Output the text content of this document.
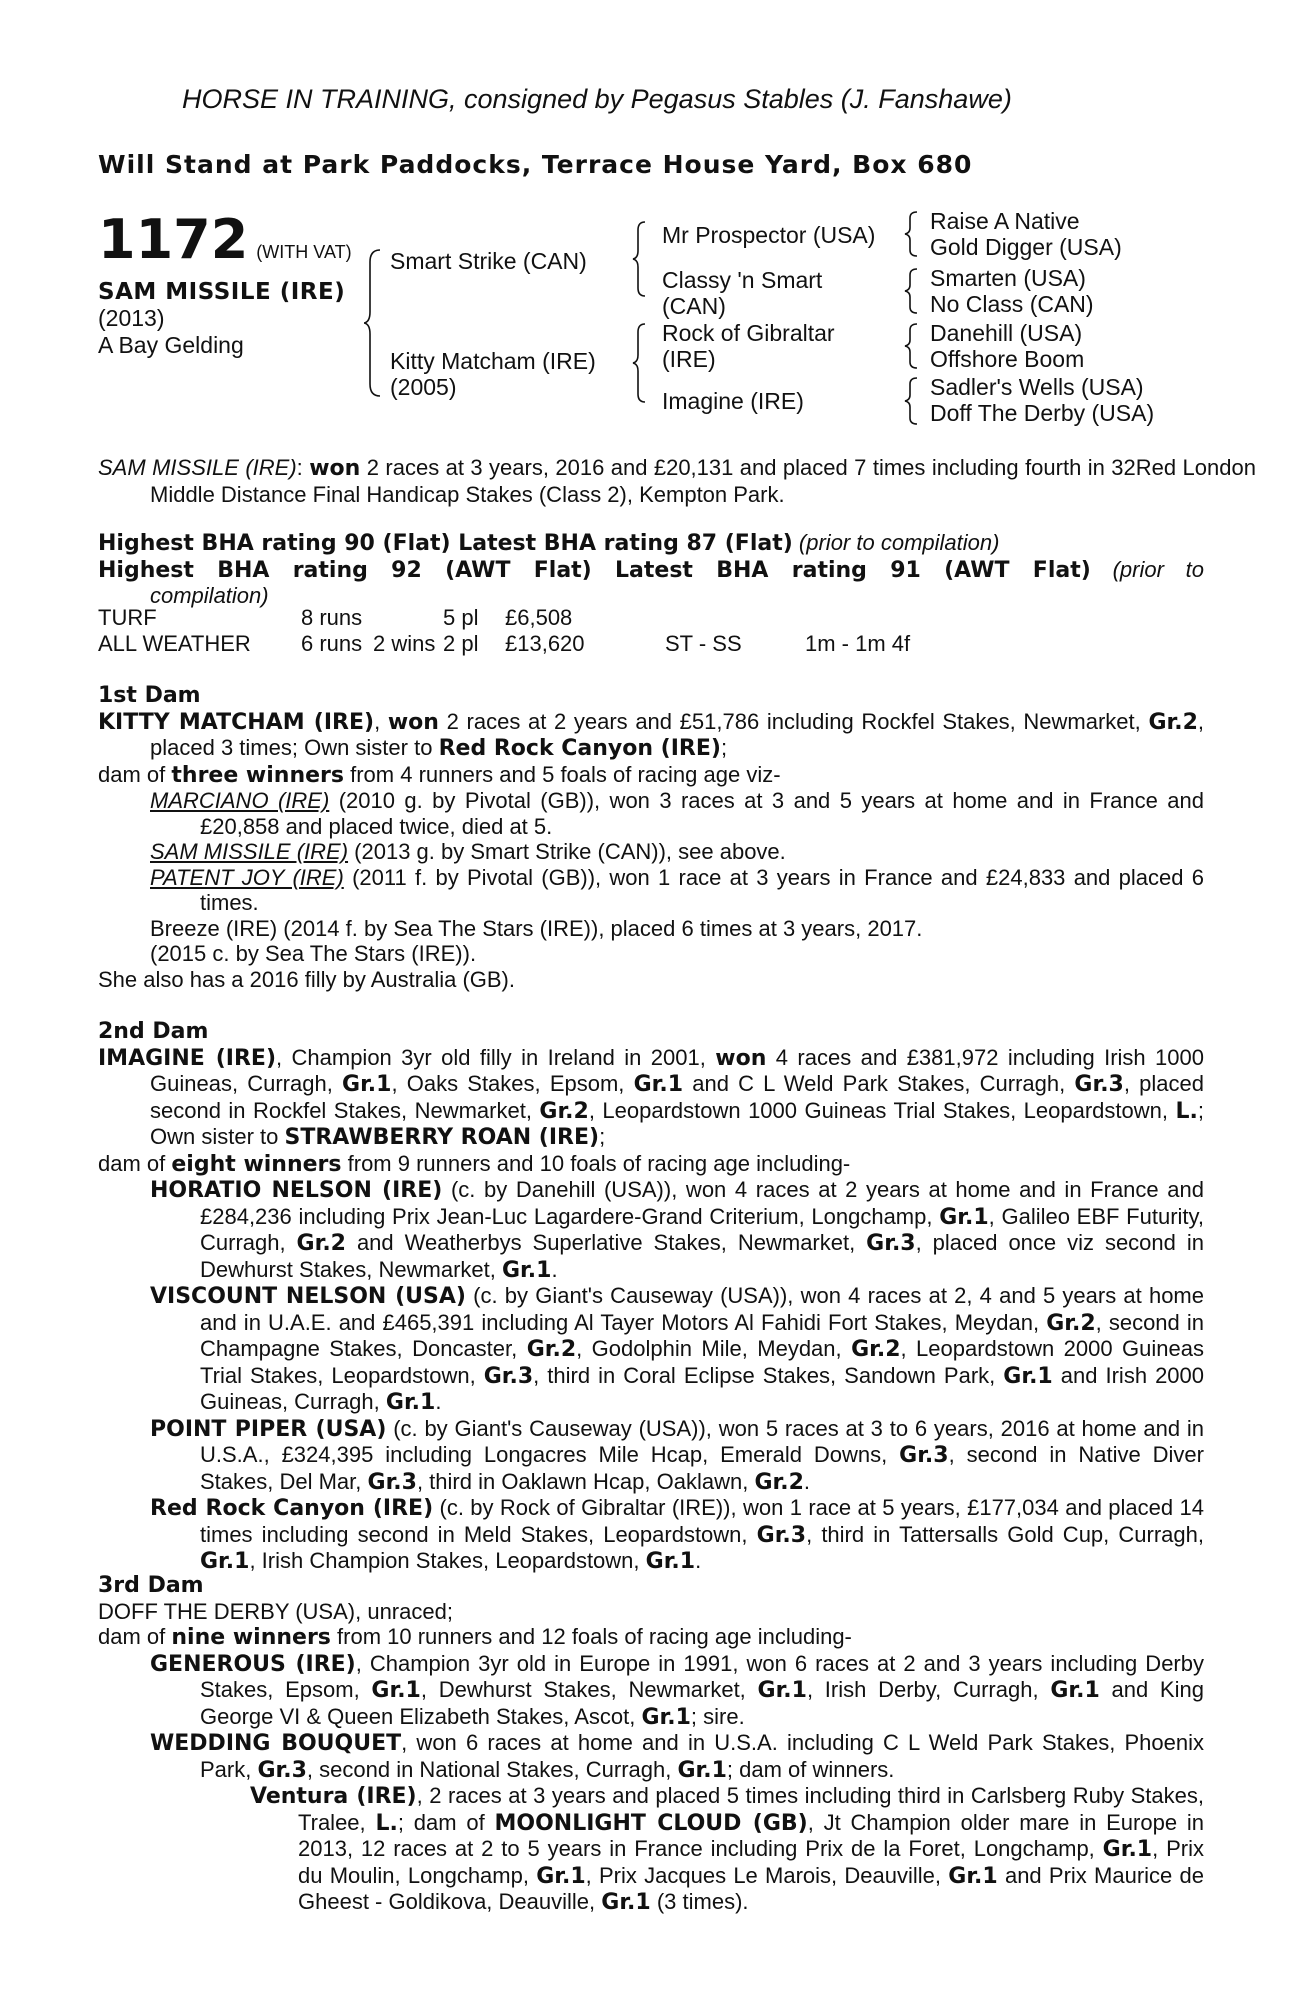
HORSE IN TRAINING, consigned by Pegasus Stables (J. Fanshawe)
Will Stand at Park Paddocks, Terrace House Yard, Box 680
1172 (WITH VAT)
SAM MISSILE (IRE)
(2013)
A Bay Gelding
Smart Strike (CAN)
Kitty Matcham (IRE)
(2005)
Mr Prospector (USA)
Classy 'n Smart
(CAN)
Rock of Gibraltar
(IRE)
Imagine (IRE)
Raise A Native
Gold Digger (USA)
Smarten (USA)
No Class (CAN)
Danehill (USA)
Offshore Boom
Sadler's Wells (USA)
Doff The Derby (USA)
SAM MISSILE (IRE): won 2 races at 3 years, 2016 and £20,131 and placed 7 times including fourth in 32Red London Middle Distance Final Handicap Stakes (Class 2), Kempton Park.

Highest BHA rating 90 (Flat) Latest BHA rating 87 (Flat) (prior to compilation)

Highest BHA rating 92 (AWT Flat) Latest BHA rating 91 (AWT Flat) (prior to

compilation)

TURF	8 runs		5 pl	£6,508		
ALL WEATHER	6 runs	2 wins	2 pl	£13,620	ST - SS	1m - 1m 4f

1st Dam

KITTY MATCHAM (IRE), won 2 races at 2 years and £51,786 including Rockfel Stakes, Newmarket, Gr.2, placed 3 times; Own sister to Red Rock Canyon (IRE);

dam of three winners from 4 runners and 5 foals of racing age viz-

MARCIANO (IRE) (2010 g. by Pivotal (GB)), won 3 races at 3 and 5 years at home and in France and £20,858 and placed twice, died at 5.

SAM MISSILE (IRE) (2013 g. by Smart Strike (CAN)), see above.

PATENT JOY (IRE) (2011 f. by Pivotal (GB)), won 1 race at 3 years in France and £24,833 and placed 6 times.

Breeze (IRE) (2014 f. by Sea The Stars (IRE)), placed 6 times at 3 years, 2017.

(2015 c. by Sea The Stars (IRE)).

She also has a 2016 filly by Australia (GB).

2nd Dam

IMAGINE (IRE), Champion 3yr old filly in Ireland in 2001, won 4 races and £381,972 including Irish 1000 Guineas, Curragh, Gr.1, Oaks Stakes, Epsom, Gr.1 and C L Weld Park Stakes, Curragh, Gr.3, placed second in Rockfel Stakes, Newmarket, Gr.2, Leopardstown 1000 Guineas Trial Stakes, Leopardstown, L.; Own sister to STRAWBERRY ROAN (IRE);

dam of eight winners from 9 runners and 10 foals of racing age including-

HORATIO NELSON (IRE) (c. by Danehill (USA)), won 4 races at 2 years at home and in France and £284,236 including Prix Jean-Luc Lagardere-Grand Criterium, Longchamp, Gr.1, Galileo EBF Futurity, Curragh, Gr.2 and Weatherbys Superlative Stakes, Newmarket, Gr.3, placed once viz second in Dewhurst Stakes, Newmarket, Gr.1.

VISCOUNT NELSON (USA) (c. by Giant's Causeway (USA)), won 4 races at 2, 4 and 5 years at home and in U.A.E. and £465,391 including Al Tayer Motors Al Fahidi Fort Stakes, Meydan, Gr.2, second in Champagne Stakes, Doncaster, Gr.2, Godolphin Mile, Meydan, Gr.2, Leopardstown 2000 Guineas Trial Stakes, Leopardstown, Gr.3, third in Coral Eclipse Stakes, Sandown Park, Gr.1 and Irish 2000 Guineas, Curragh, Gr.1.

POINT PIPER (USA) (c. by Giant's Causeway (USA)), won 5 races at 3 to 6 years, 2016 at home and in U.S.A., £324,395 including Longacres Mile Hcap, Emerald Downs, Gr.3, second in Native Diver Stakes, Del Mar, Gr.3, third in Oaklawn Hcap, Oaklawn, Gr.2.

Red Rock Canyon (IRE) (c. by Rock of Gibraltar (IRE)), won 1 race at 5 years, £177,034 and placed 14 times including second in Meld Stakes, Leopardstown, Gr.3, third in Tattersalls Gold Cup, Curragh, Gr.1, Irish Champion Stakes, Leopardstown, Gr.1.

3rd Dam

DOFF THE DERBY (USA), unraced;

dam of nine winners from 10 runners and 12 foals of racing age including-

GENEROUS (IRE), Champion 3yr old in Europe in 1991, won 6 races at 2 and 3 years including Derby Stakes, Epsom, Gr.1, Dewhurst Stakes, Newmarket, Gr.1, Irish Derby, Curragh, Gr.1 and King George VI & Queen Elizabeth Stakes, Ascot, Gr.1; sire.

WEDDING BOUQUET, won 6 races at home and in U.S.A. including C L Weld Park Stakes, Phoenix Park, Gr.3, second in National Stakes, Curragh, Gr.1; dam of winners.

Ventura (IRE), 2 races at 3 years and placed 5 times including third in Carlsberg Ruby Stakes, Tralee, L.; dam of MOONLIGHT CLOUD (GB), Jt Champion older mare in Europe in 2013, 12 races at 2 to 5 years in France including Prix de la Foret, Longchamp, Gr.1, Prix du Moulin, Longchamp, Gr.1, Prix Jacques Le Marois, Deauville, Gr.1 and Prix Maurice de Gheest - Goldikova, Deauville, Gr.1 (3 times).
